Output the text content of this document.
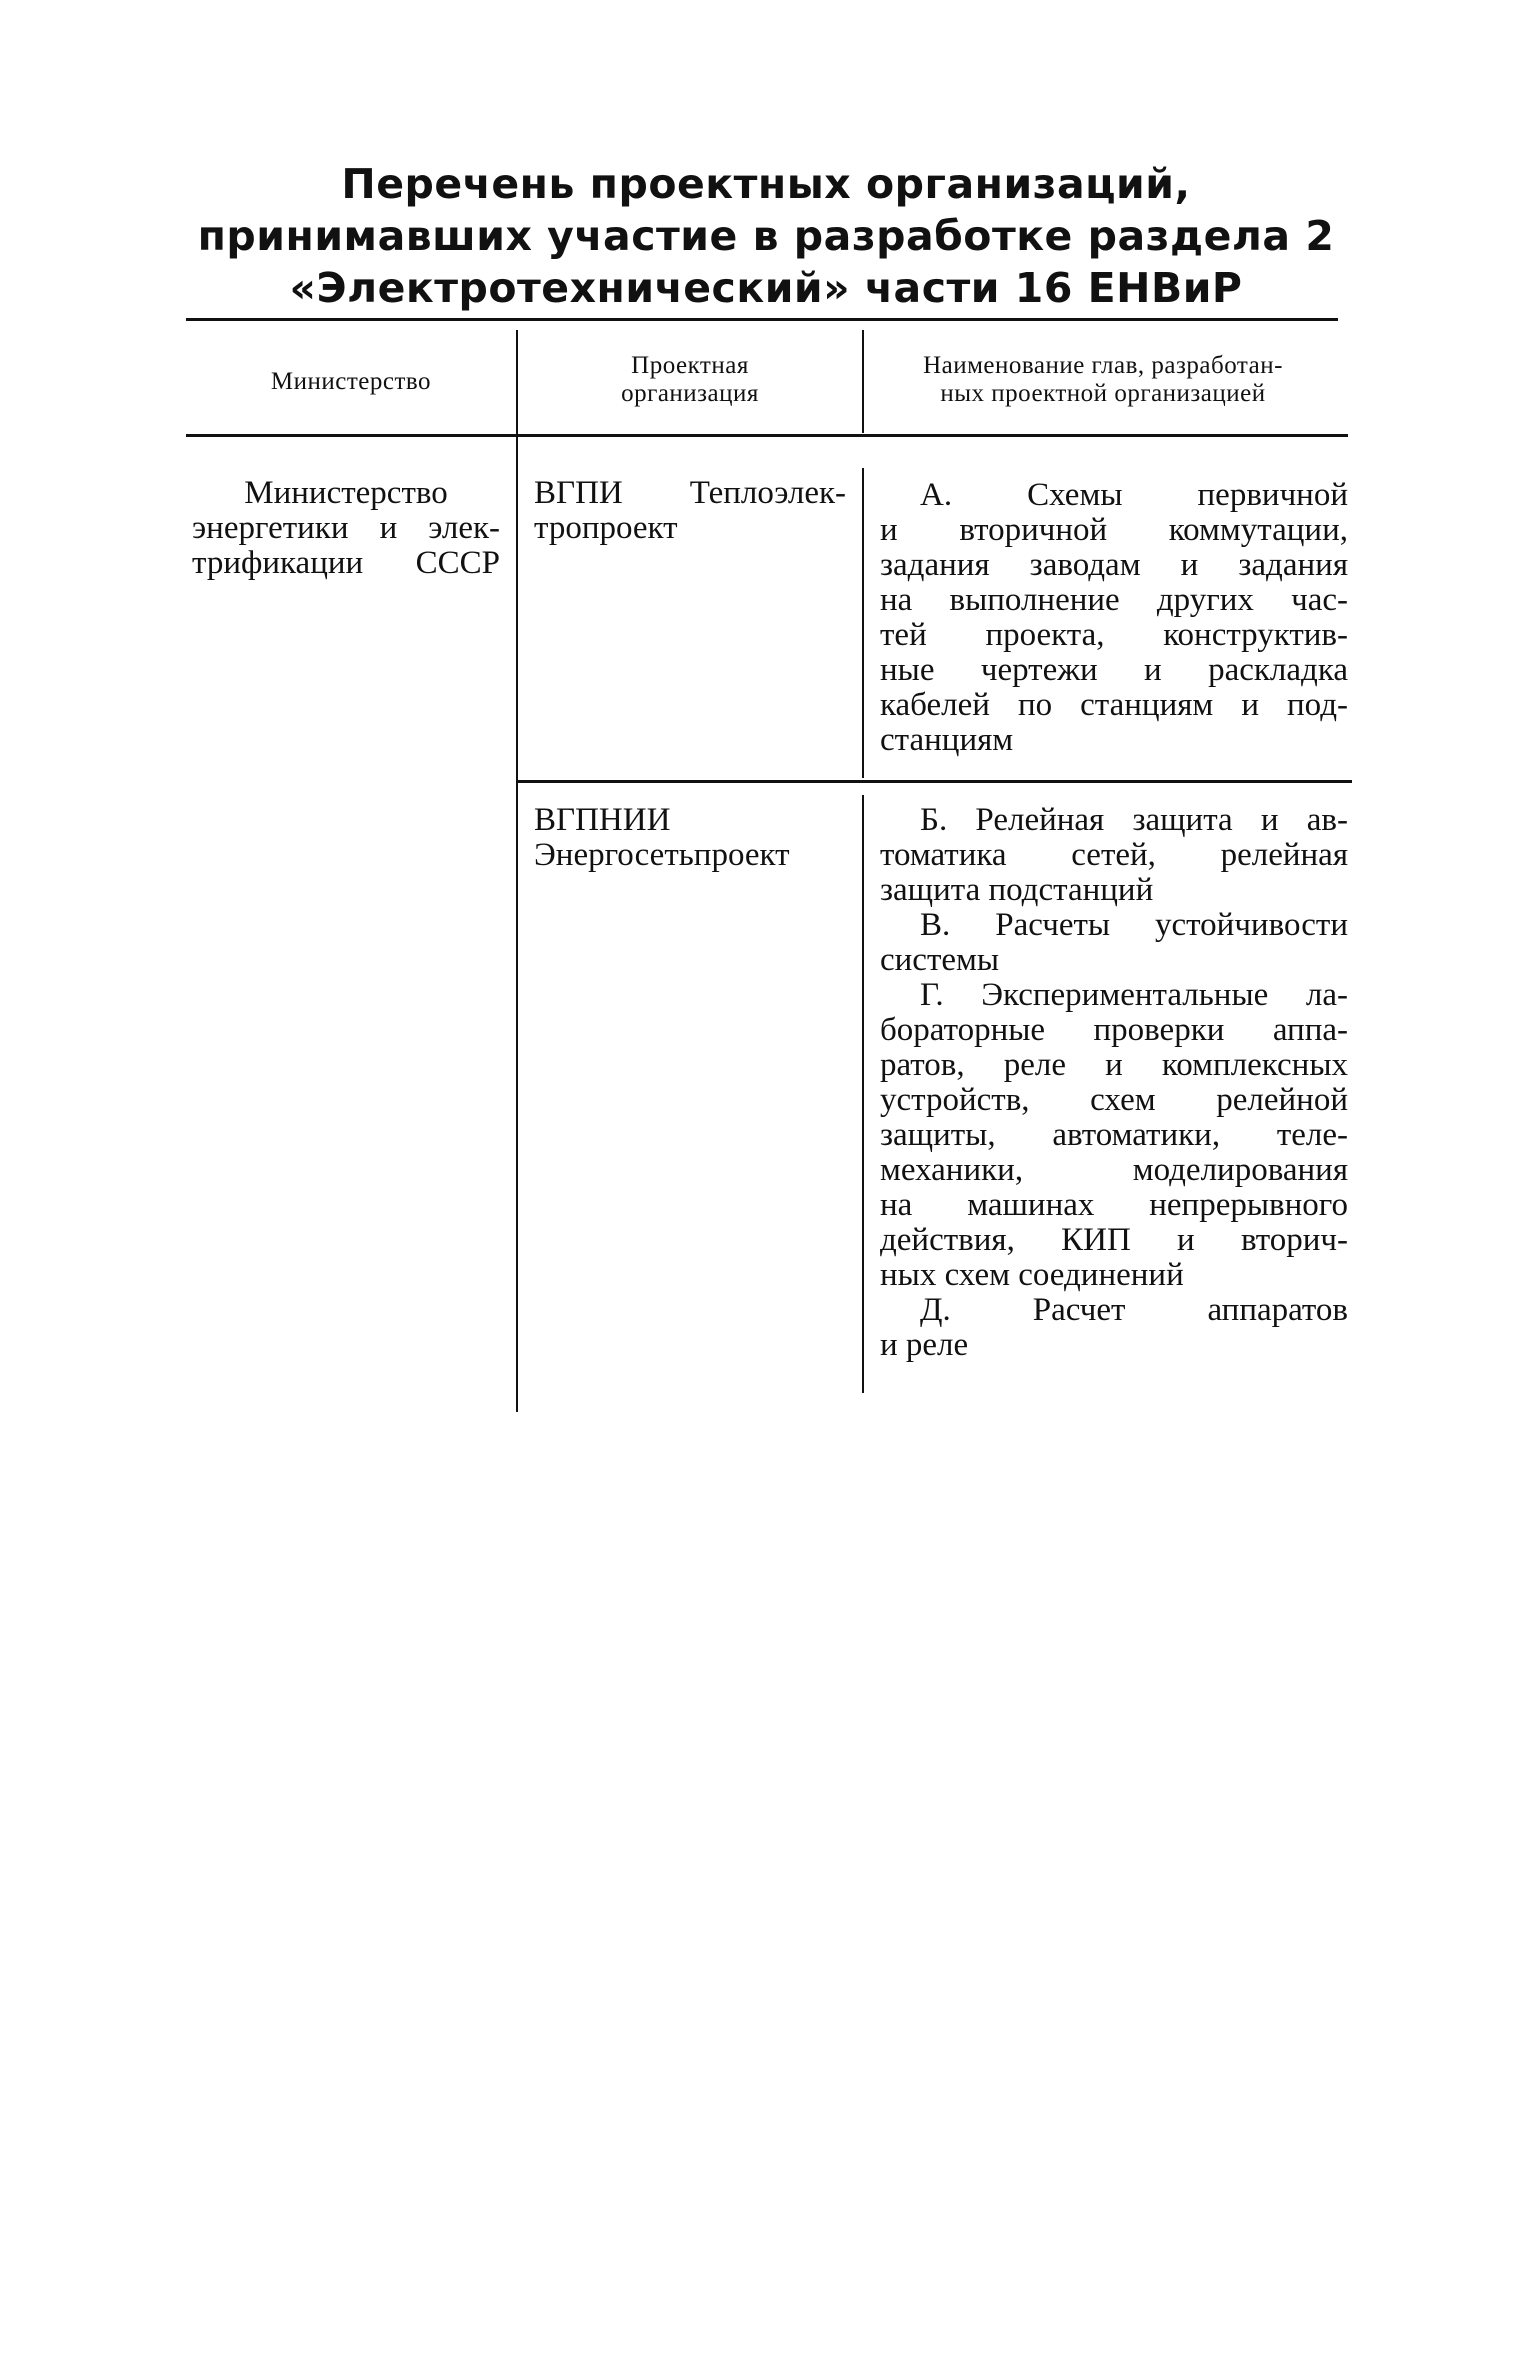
Перечень проектных организаций,
принимавших участие в разработке раздела 2
«Электротехнический» части 16 ЕНВиР
Министерство
Проектная
организация
Наименование глав, разработан-
ных проектной организацией
Министерство
энергетики и элек-
трификации СССР
ВГПИ Теплоэлек-
тропроект
А. Схемы первичной
и вторичной коммутации,
задания заводам и задания
на выполнение других час-
тей проекта, конструктив-
ные чертежи и раскладка
кабелей по станциям и под-
станциям
ВГПНИИ
Энергосетьпроект
Б. Релейная защита и ав-
томатика сетей, релейная
защита подстанций
В. Расчеты устойчивости
системы
Г. Экспериментальные ла-
бораторные проверки аппа-
ратов, реле и комплексных
устройств, схем релейной
защиты, автоматики, теле-
механики, моделирования
на машинах непрерывного
действия, КИП и вторич-
ных схем соединений
Д. Расчет аппаратов
и реле
